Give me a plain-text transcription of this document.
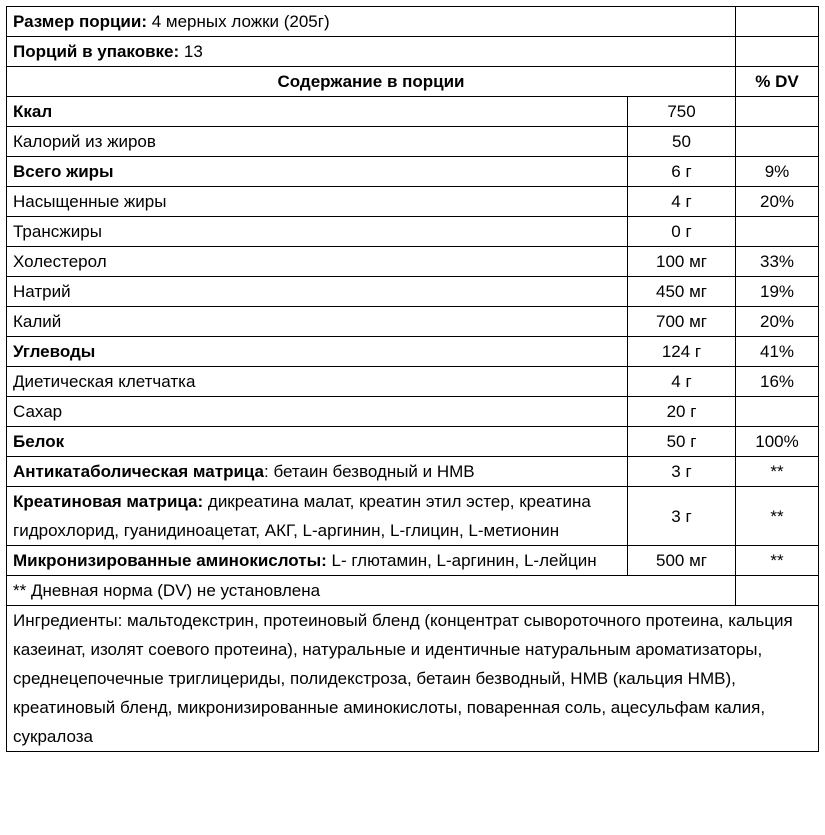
Размер порции: 4 мерных ложки (205г)		
Порций в упаковке: 13		
Содержание в порции		% DV
Ккал	750	
Калорий из жиров	50	
Всего жиры	6 г	9%
Насыщенные жиры	4 г	20%
Трансжиры	0 г	
Холестерол	100 мг	33%
Натрий	450 мг	19%
Калий	700 мг	20%
Углеводы	124 г	41%
Диетическая клетчатка	4 г	16%
Сахар	20 г	
Белок	50 г	100%
Антикатаболическая матрица: бетаин безводный и HMB	3 г	**
Креатиновая матрица: дикреатина малат, креатин этил эстер, креатина гидрохлорид, гуанидиноацетат, АКГ, L-аргинин, L-глицин, L-метионин	3 г	**
Микронизированные аминокислоты: L- глютамин, L-аргинин, L-лейцин	500 мг	**
** Дневная норма (DV) не установлена		
Ингредиенты: мальтодекстрин, протеиновый бленд (концентрат сывороточного протеина, кальция казеинат, изолят соевого протеина), натуральные и идентичные натуральным ароматизаторы, среднецепочечные триглицериды, полидекстроза, бетаин безводный, HMB (кальция HMB), креатиновый бленд, микронизированные аминокислоты, поваренная соль, ацесульфам калия, сукралоза		
